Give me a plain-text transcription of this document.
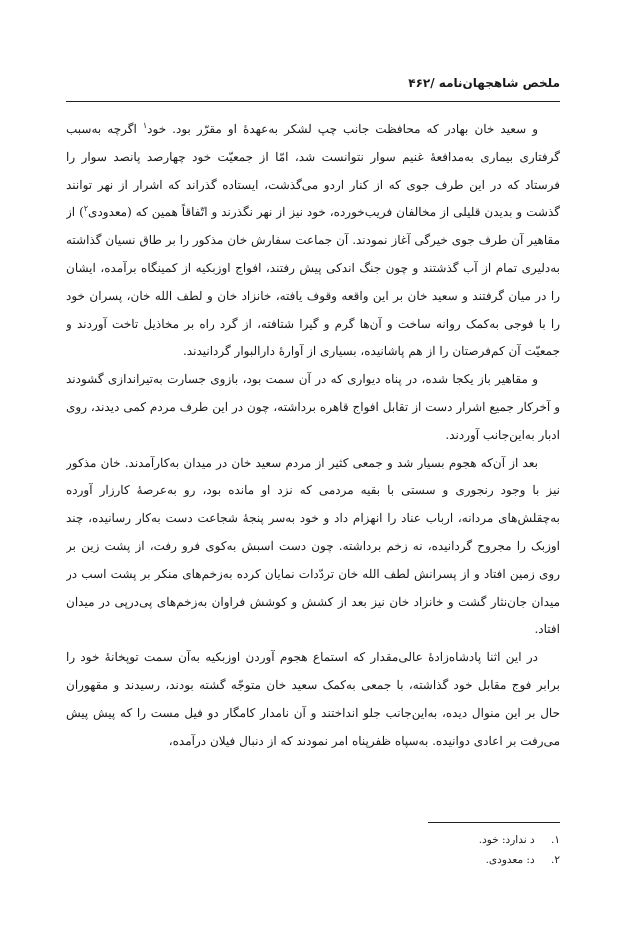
ملخص شاهجهان‌نامه /۴۶۲

و سعید خان بهادر که محافظت جانب چپ لشکر به‌عهدهٔ او مقرّر بود. خود$^۱$ اگرچه به‌سبب گرفتاری بیماری به‌مدافعهٔ غنیم سوار نتوانست شد، امّا از جمعیّت خود چهارصد پانصد سوار را فرستاد که در این طرف جوی که از کنار اردو می‌گذشت، ایستاده گذراند که اشرار از نهر توانند گذشت و بدیدن قلیلی از مخالفان فریب‌خورده، خود نیز از نهر نگذرند و اتّفاقاً همین که (معدودی$^۲$) از مقاهیر آن طرف جوی خیرگی آغاز نمودند. آن جماعت سفارش خان مذکور را بر طاق نسیان گذاشته به‌دلیری تمام از آب گذشتند و چون جنگ اندکی پیش رفتند، افواج اوزبکیه از کمینگاه برآمده، ایشان را در میان گرفتند و سعید خان بر این واقعه وقوف یافته، خانزاد خان و لطف الله خان، پسران خود را با فوجی به‌کمک روانه ساخت و آن‌ها گرم و گیرا شتافته، از گرد راه بر مخاذیل تاخت آوردند و جمعیّت آن کم‌فرصتان را از هم پاشانیده، بسیاری از آوارهٔ دارالبوار گردانیدند.

و مقاهیر باز یکجا شده، در پناه دیواری که در آن سمت بود، بازوی جسارت به‌تیراندازی گشودند و آخرکار جمیع اشرار دست از تقابل افواج قاهره برداشته، چون در این طرف مردم کمی دیدند، روی ادبار به‌این‌جانب آوردند.

بعد از آن‌که هجوم بسیار شد و جمعی کثیر از مردم سعید خان در میدان به‌کارآمدند. خان مذکور نیز با وجود رنجوری و سستی با بقیه مردمی که نزد او مانده بود، رو به‌عرصهٔ کارزار آورده به‌چقلش‌های مردانه، ارباب عناد را انهزام داد و خود به‌سر پنجهٔ شجاعت دست به‌کار رسانیده، چند اوزبک را مجروح گردانیده، نه زخم برداشته. چون دست اسبش به‌کوی فرو رفت، از پشت زین بر روی زمین افتاد و از پسرانش لطف الله خان تردّدات نمایان کرده به‌زخم‌های منکر بر پشت اسب در میدان جان‌نثار گشت و خانزاد خان نیز بعد از کشش و کوشش فراوان به‌زخم‌های پی‌درپی در میدان افتاد.

در این اثنا پادشاه‌زادهٔ عالی‌مقدار که استماع هجوم آوردن اوزبکیه به‌آن سمت توپخانهٔ خود را برابر فوج مقابل خود گذاشته، با جمعی به‌کمک سعید خان متوجّه گشته بودند، رسیدند و مقهوران حال بر این منوال دیده، به‌این‌جانب جلو انداختند و آن نامدار کامگار دو فیل مست را که پیش پیش می‌رفت بر اعادی دوانیده. به‌سپاه ظفرپناه امر نمودند که از دنبال فیلان درآمده،

۱. د ندارد: خود.
۲. د: معدودی.
